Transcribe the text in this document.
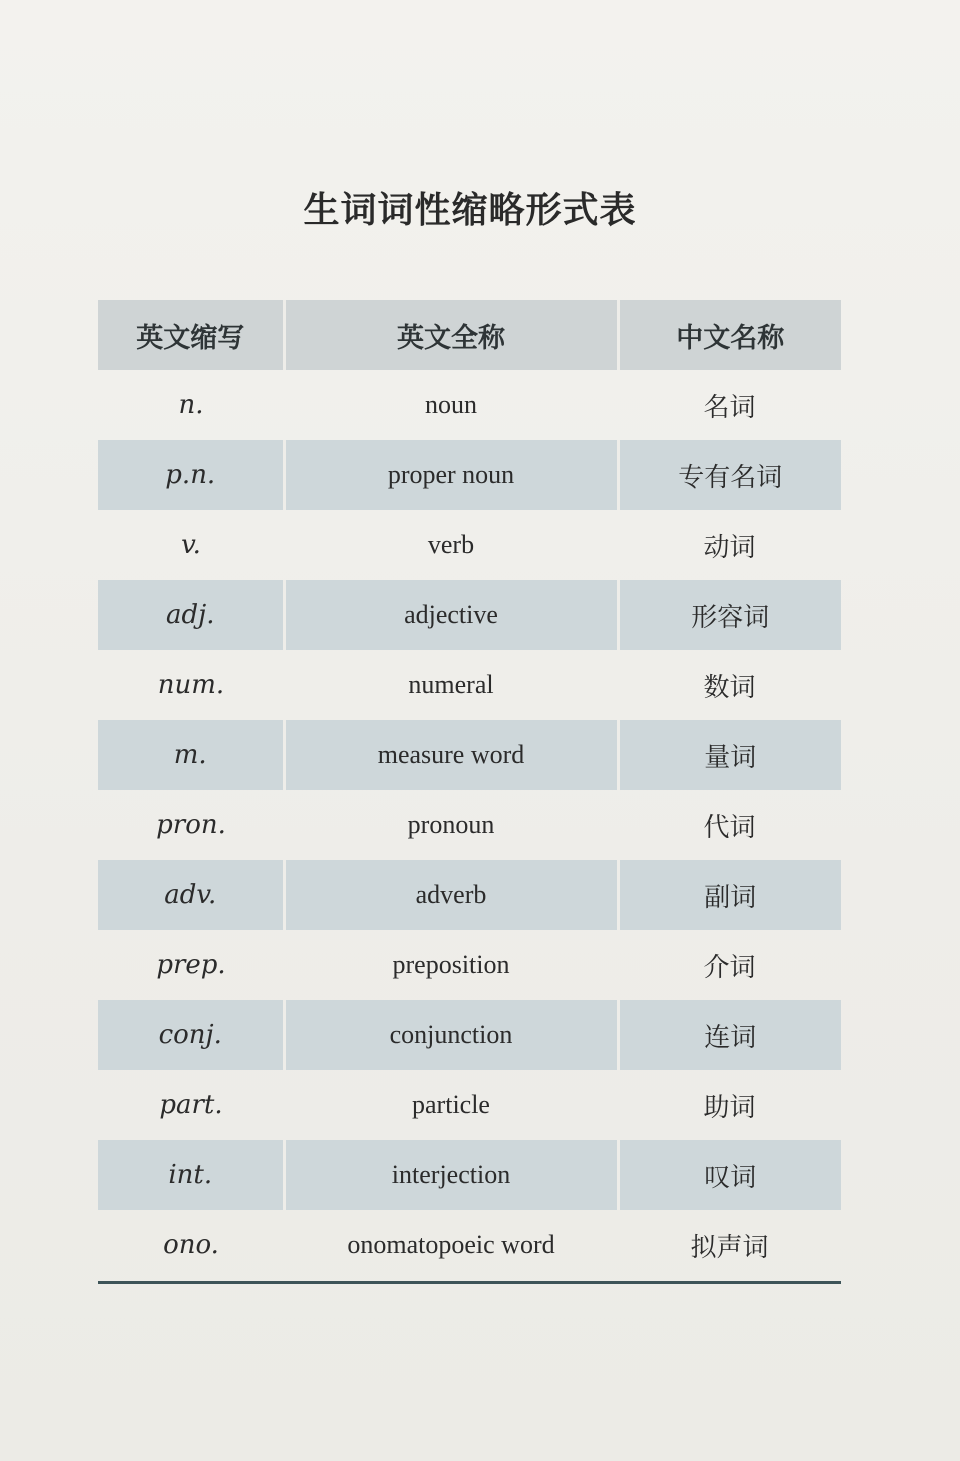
生词词性缩略形式表
英文缩写	英文全称	中文名称
n.	noun	名词
p.n.	proper noun	专有名词
v.	verb	动词
adj.	adjective	形容词
num.	numeral	数词
m.	measure word	量词
pron.	pronoun	代词
adv.	adverb	副词
prep.	preposition	介词
conj.	conjunction	连词
part.	particle	助词
int.	interjection	叹词
ono.	onomatopoeic word	拟声词
